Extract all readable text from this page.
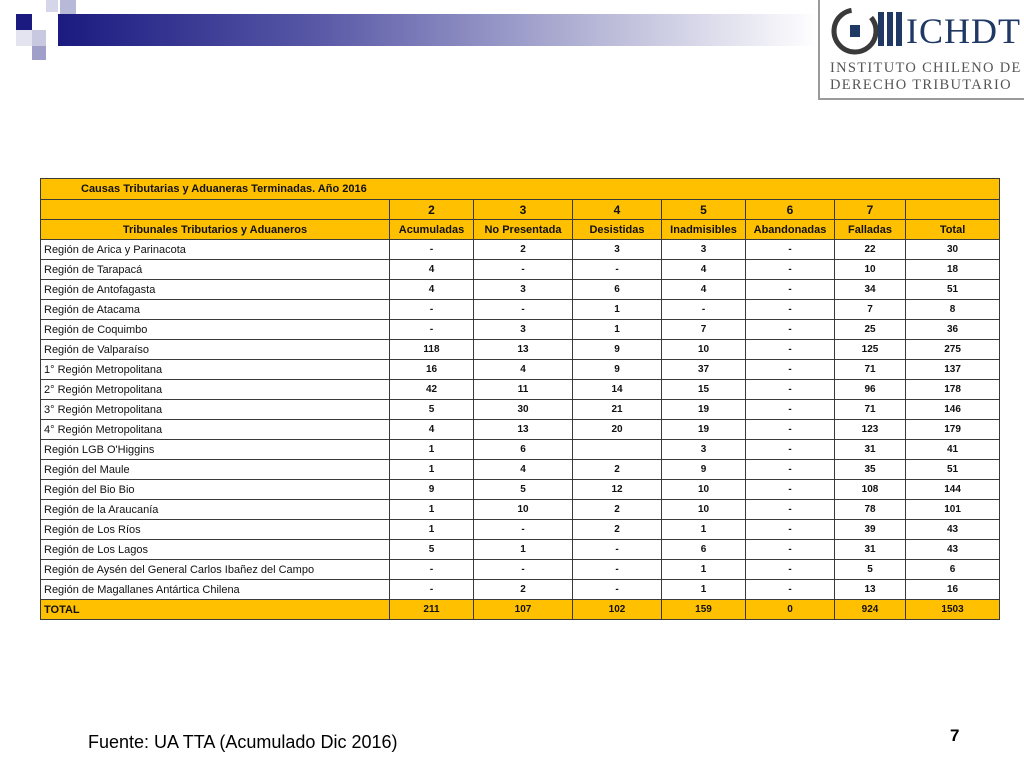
ICHDT
INSTITUTO CHILENO DE
DERECHO TRIBUTARIO
Causas Tributarias y Aduaneras Terminadas. Año 2016							
	2	3	4	5	6	7	
Tribunales Tributarios y Aduaneros	Acumuladas	No Presentada	Desistidas	Inadmisibles	Abandonadas	Falladas	Total
Región de Arica y Parinacota	-	2	3	3	-	22	30
Región de Tarapacá	4	-	-	4	-	10	18
Región de Antofagasta	4	3	6	4	-	34	51
Región de Atacama	-	-	1	-	-	7	8
Región de Coquimbo	-	3	1	7	-	25	36
Región de Valparaíso	118	13	9	10	-	125	275
1° Región Metropolitana	16	4	9	37	-	71	137
2° Región Metropolitana	42	11	14	15	-	96	178
3° Región Metropolitana	5	30	21	19	-	71	146
4° Región Metropolitana	4	13	20	19	-	123	179
Región LGB O'Higgins	1	6		3	-	31	41
Región del Maule	1	4	2	9	-	35	51
Región del Bio Bio	9	5	12	10	-	108	144
Región de la Araucanía	1	10	2	10	-	78	101
Región de Los Ríos	1	-	2	1	-	39	43
Región de Los Lagos	5	1	-	6	-	31	43
Región de Aysén del General Carlos Ibañez del Campo	-	-	-	1	-	5	6
Región de Magallanes Antártica Chilena	-	2	-	1	-	13	16
TOTAL	211	107	102	159	0	924	1503
Fuente: UA TTA (Acumulado Dic 2016)	7
